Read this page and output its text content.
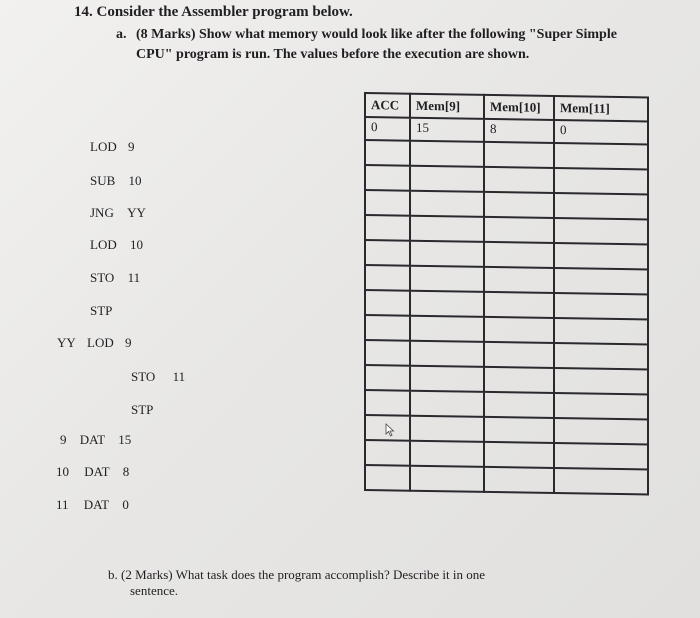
14. Consider the Assembler program below.
a. (8 Marks) Show what memory would look like after the following "Super Simple CPU" program is run. The values before the execution are shown.
LOD 9
SUB 10
JNG YY
LOD 10
STO 11
STP
YY LOD 9
STO 11
STP
9 DAT 15
10 DAT 8
11 DAT 0
ACC	Mem[9]	Mem[10]	Mem[11]
0	15	8	0

b. (2 Marks) What task does the program accomplish? Describe it in one
sentence.
